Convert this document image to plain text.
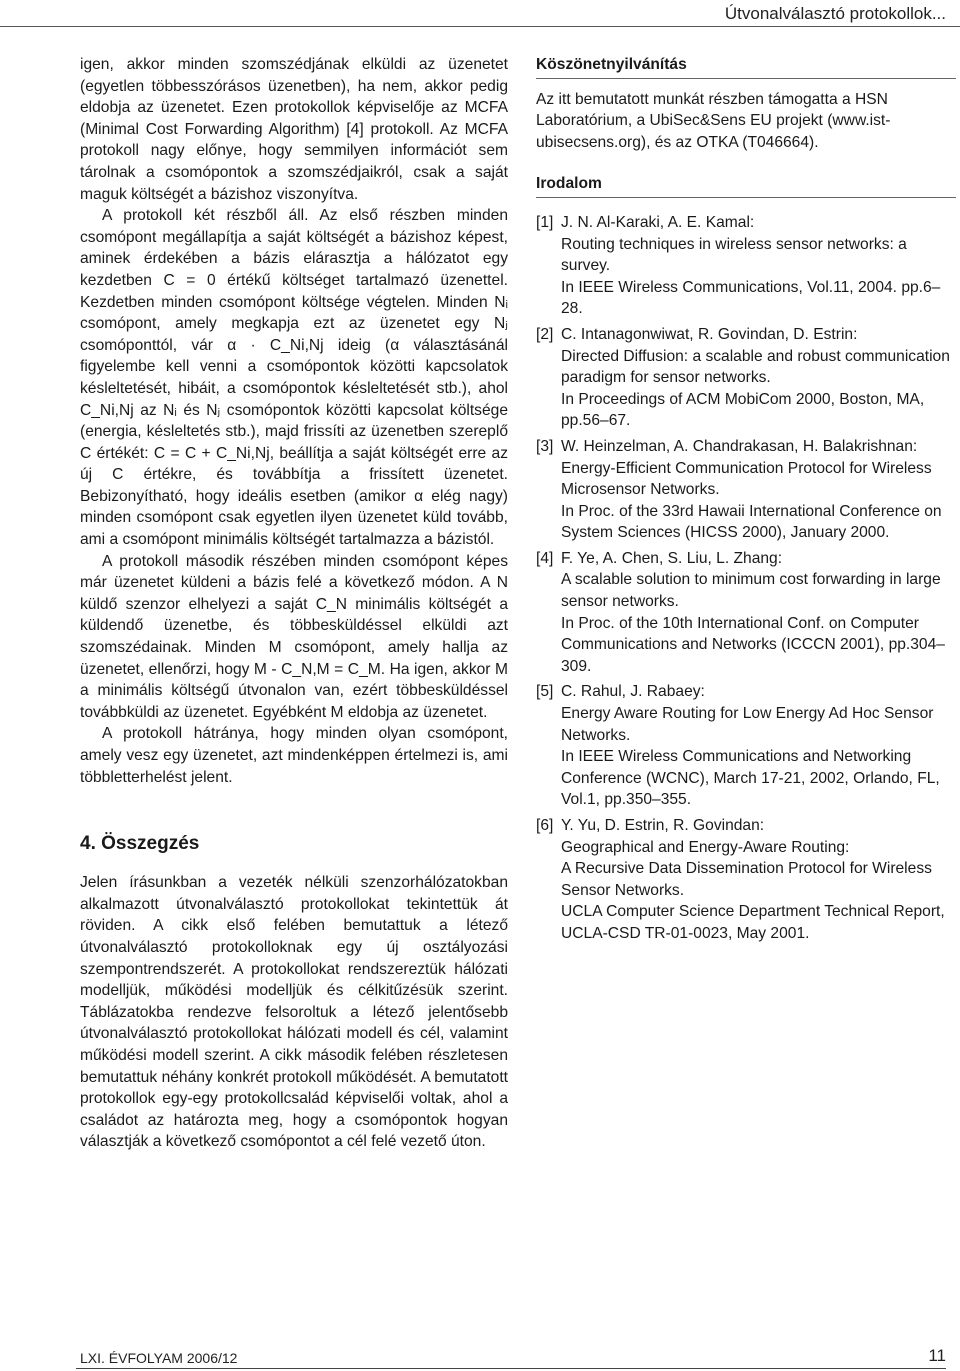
Útvonalválasztó protokollok...

igen, akkor minden szomszédjának elküldi az üzenetet (egyetlen többesszórásos üzenetben), ha nem, akkor pedig eldobja az üzenetet. Ezen protokollok képviselője az MCFA (Minimal Cost Forwarding Algorithm) [4] protokoll. Az MCFA protokoll nagy előnye, hogy semmilyen információt sem tárolnak a csomópontok a szomszédjaikról, csak a saját maguk költségét a bázishoz viszonyítva.

A protokoll két részből áll. Az első részben minden csomópont megállapítja a saját költségét a bázishoz képest, aminek érdekében a bázis elárasztja a hálózatot egy kezdetben C = 0 értékű költséget tartalmazó üzenettel. Kezdetben minden csomópont költsége végtelen. Minden Nᵢ csomópont, amely megkapja ezt az üzenetet egy Nⱼ csomóponttól, vár α · C_Ni,Nj ideig (α választásánál figyelembe kell venni a csomópontok közötti kapcsolatok késleltetését, hibáit, a csomópontok késleltetését stb.), ahol C_Ni,Nj az Nᵢ és Nⱼ csomópontok közötti kapcsolat költsége (energia, késleltetés stb.), majd frissíti az üzenetben szereplő C értékét: C = C + C_Ni,Nj, beállítja a saját költségét erre az új C értékre, és továbbítja a frissített üzenetet. Bebizonyítható, hogy ideális esetben (amikor α elég nagy) minden csomópont csak egyetlen ilyen üzenetet küld tovább, ami a csomópont minimális költségét tartalmazza a bázistól.

A protokoll második részében minden csomópont képes már üzenetet küldeni a bázis felé a következő módon. A N küldő szenzor elhelyezi a saját C_N minimális költségét a küldendő üzenetbe, és többesküldéssel elküldi azt szomszédainak. Minden M csomópont, amely hallja az üzenetet, ellenőrzi, hogy M - C_N,M = C_M. Ha igen, akkor M a minimális költségű útvonalon van, ezért többesküldéssel továbbküldi az üzenetet. Egyébként M eldobja az üzenetet.

A protokoll hátránya, hogy minden olyan csomópont, amely vesz egy üzenetet, azt mindenképpen értelmezi is, ami többletterhelést jelent.

4. Összegzés

Jelen írásunkban a vezeték nélküli szenzorhálózatokban alkalmazott útvonalválasztó protokollokat tekintettük át röviden. A cikk első felében bemutattuk a létező útvonalválasztó protokolloknak egy új osztályozási szempontrendszerét. A protokollokat rendszereztük hálózati modelljük, működési modelljük és célkitűzésük szerint. Táblázatokba rendezve felsoroltuk a létező jelentősebb útvonalválasztó protokollokat hálózati modell és cél, valamint működési modell szerint. A cikk második felében részletesen bemutattuk néhány konkrét protokoll működését. A bemutatott protokollok egy-egy protokollcsalád képviselői voltak, ahol a családot az határozta meg, hogy a csomópontok hogyan választják a következő csomópontot a cél felé vezető úton.

Köszönetnyilvánítás

Az itt bemutatott munkát részben támogatta a HSN Laboratórium, a UbiSec&Sens EU projekt (www.ist-ubisecsens.org), és az OTKA (T046664).

Irodalom
[1] J. N. Al-Karaki, A. E. Kamal:
Routing techniques in wireless sensor networks: a survey.
In IEEE Wireless Communications, Vol.11, 2004. pp.6–28.
[2] C. Intanagonwiwat, R. Govindan, D. Estrin:
Directed Diffusion: a scalable and robust communication paradigm for sensor networks.
In Proceedings of ACM MobiCom 2000, Boston, MA, pp.56–67.
[3] W. Heinzelman, A. Chandrakasan, H. Balakrishnan:
Energy-Efficient Communication Protocol for Wireless Microsensor Networks.
In Proc. of the 33rd Hawaii International Conference on System Sciences (HICSS 2000), January 2000.
[4] F. Ye, A. Chen, S. Liu, L. Zhang:
A scalable solution to minimum cost forwarding in large sensor networks.
In Proc. of the 10th International Conf. on Computer Communications and Networks (ICCCN 2001), pp.304–309.
[5] C. Rahul, J. Rabaey:
Energy Aware Routing for Low Energy Ad Hoc Sensor Networks.
In IEEE Wireless Communications and Networking Conference (WCNC), March 17-21, 2002, Orlando, FL, Vol.1, pp.350–355.
[6] Y. Yu, D. Estrin, R. Govindan:
Geographical and Energy-Aware Routing:
A Recursive Data Dissemination Protocol for Wireless Sensor Networks.
UCLA Computer Science Department Technical Report, UCLA-CSD TR-01-0023, May 2001.
LXI. ÉVFOLYAM 2006/12	11
